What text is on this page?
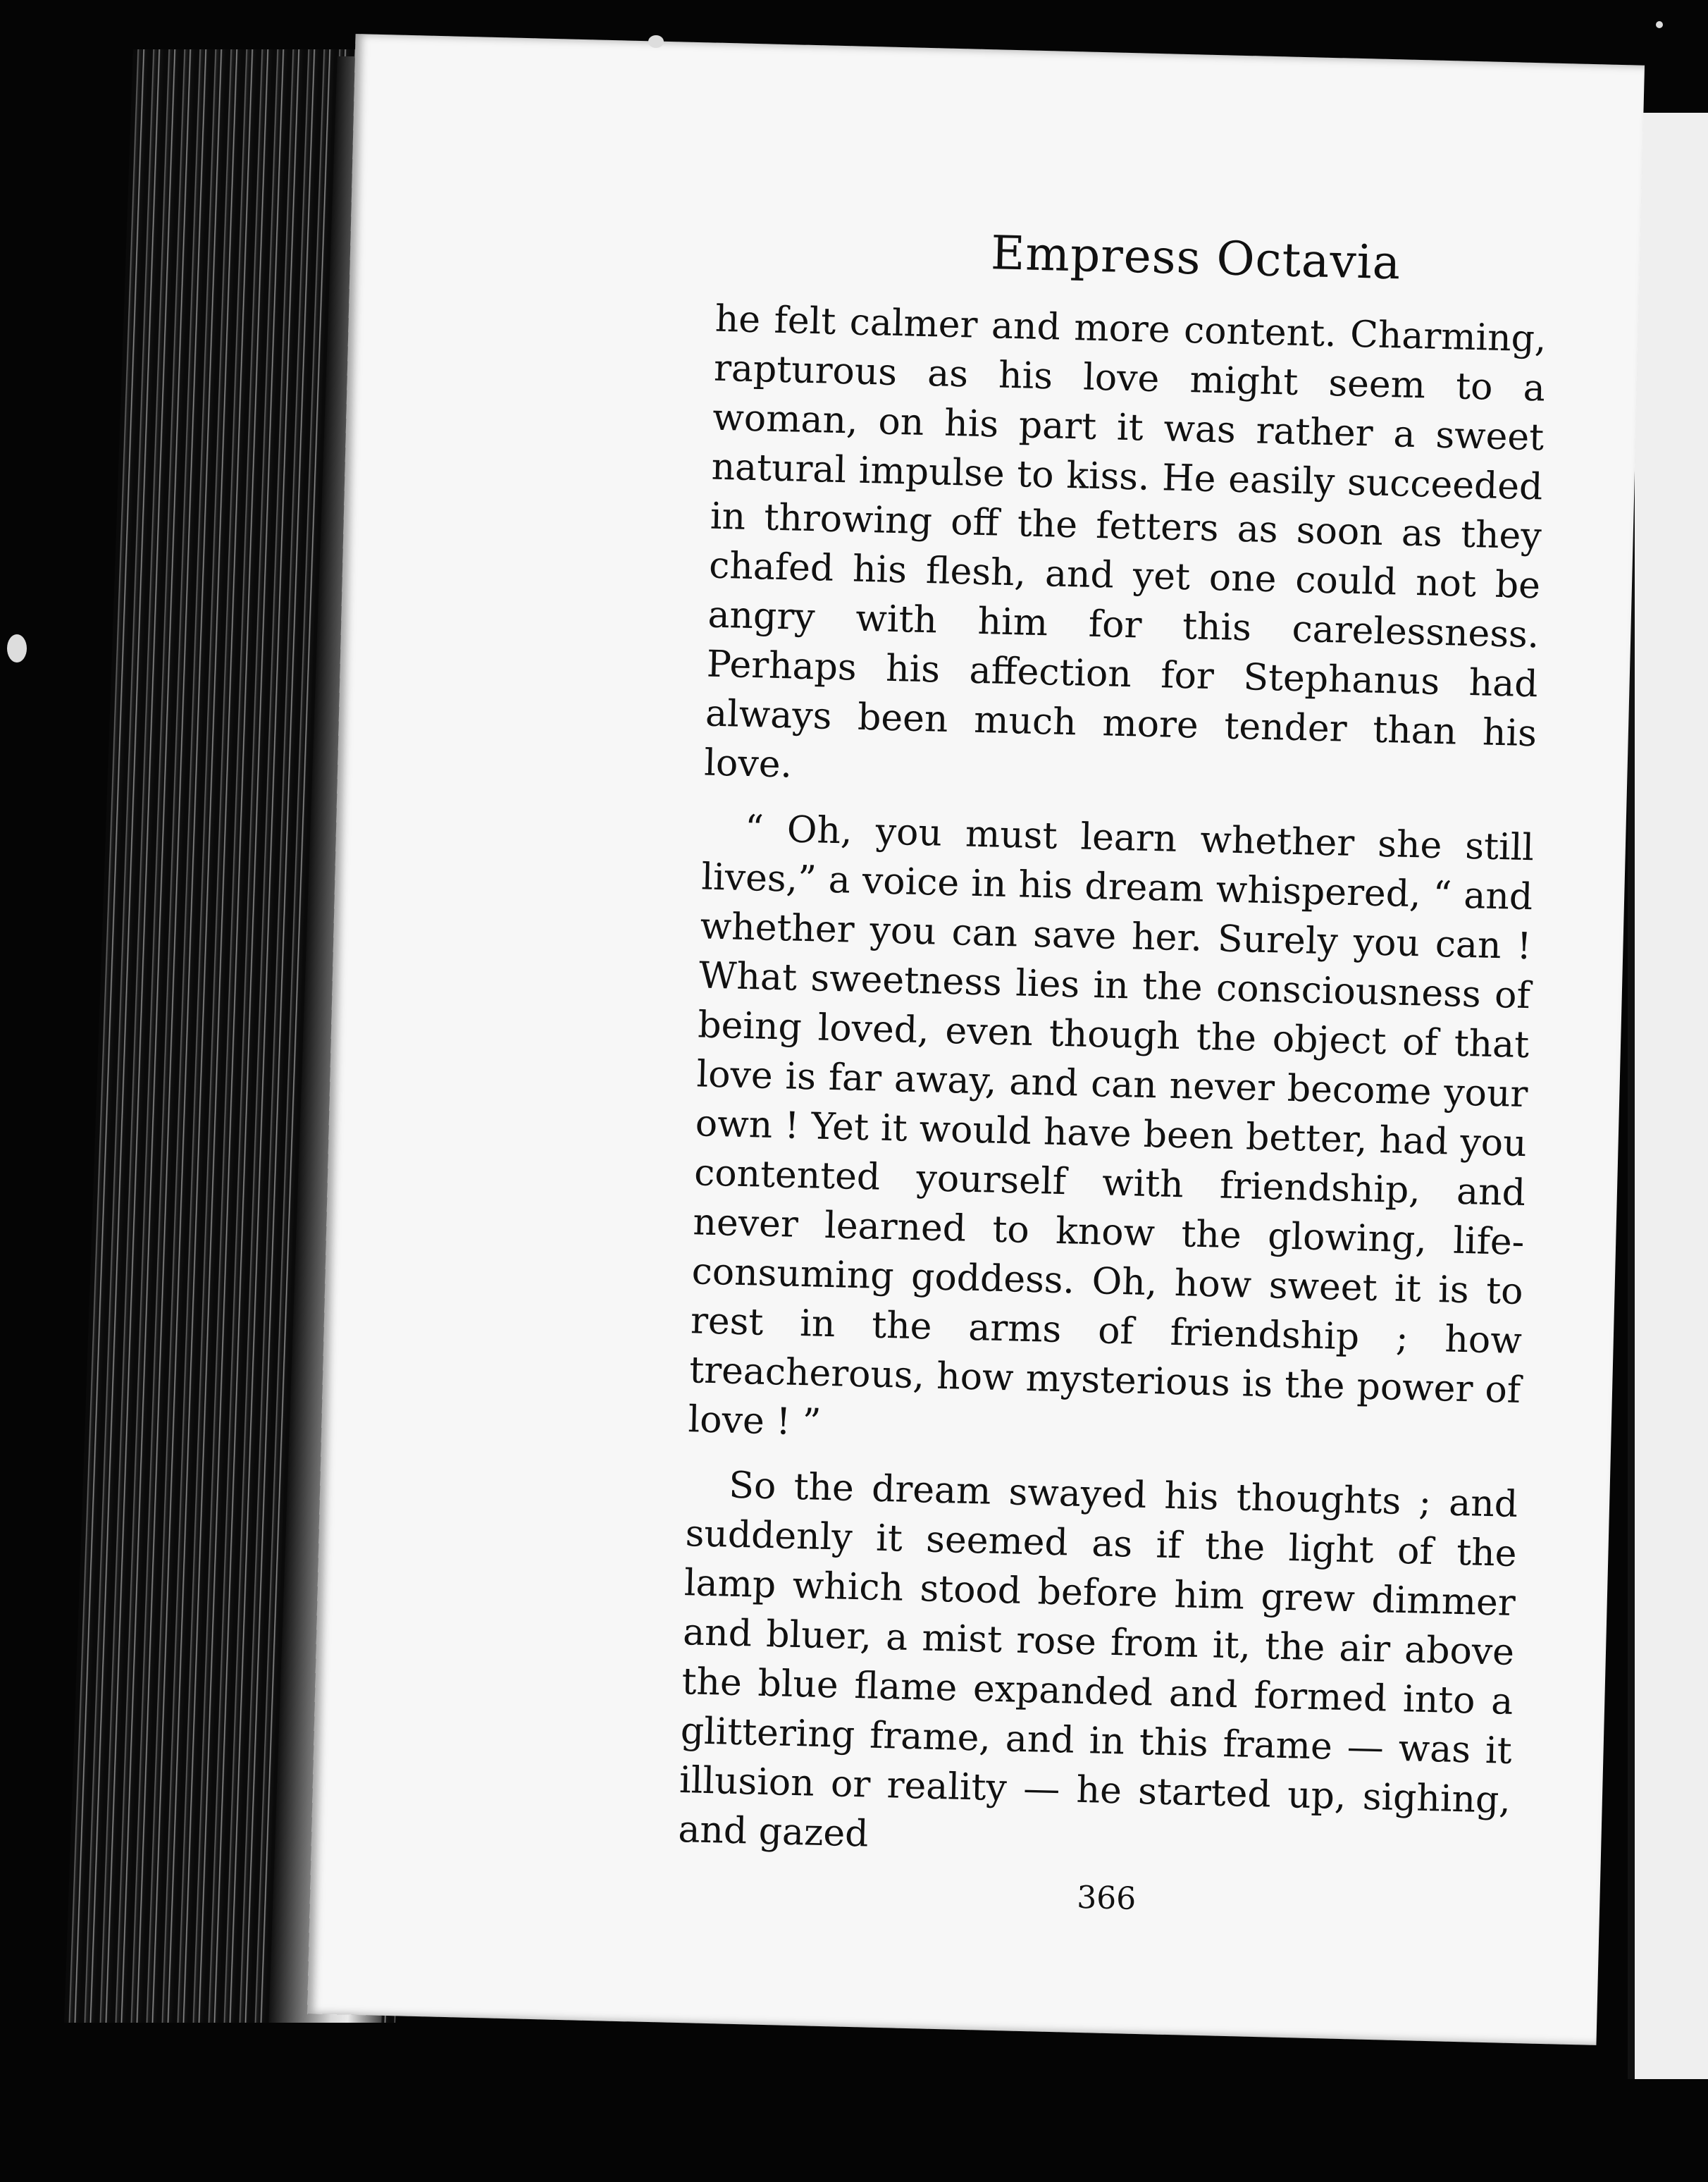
Empress Octavia

he felt calmer and more content. Charming, rapturous as his love might seem to a woman, on his part it was rather a sweet natural impulse to kiss. He easily succeeded in throwing off the fetters as soon as they chafed his flesh, and yet one could not be angry with him for this carelessness. Perhaps his affection for Stephanus had always been much more tender than his love.

“ Oh, you must learn whether she still lives,” a voice in his dream whispered, “ and whether you can save her. Surely you can ! What sweetness lies in the consciousness of being loved, even though the object of that love is far away, and can never become your own ! Yet it would have been better, had you contented yourself with friendship, and never learned to know the glowing, life-consuming goddess. Oh, how sweet it is to rest in the arms of friendship ; how treacherous, how mysterious is the power of love ! ”

So the dream swayed his thoughts ; and suddenly it seemed as if the light of the lamp which stood before him grew dimmer and bluer, a mist rose from it, the air above the blue flame expanded and formed into a glittering frame, and in this frame — was it illusion or reality — he started up, sighing, and gazed

366
